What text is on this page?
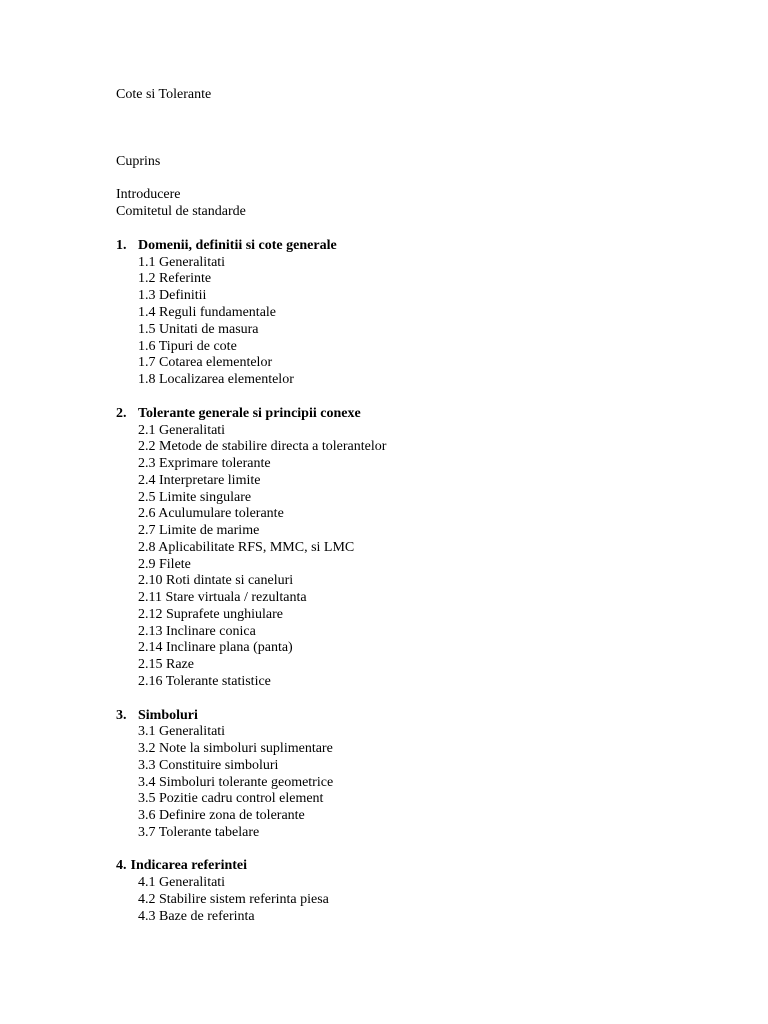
Cote si Tolerante
Cuprins
Introducere
Comitetul de standarde
1. Domenii, definitii si cote generale
1.1 Generalitati
1.2 Referinte
1.3 Definitii
1.4 Reguli fundamentale
1.5 Unitati de masura
1.6 Tipuri de cote
1.7 Cotarea elementelor
1.8 Localizarea elementelor
2. Tolerante generale si principii conexe
2.1 Generalitati
2.2 Metode de stabilire directa a tolerantelor
2.3 Exprimare tolerante
2.4 Interpretare limite
2.5 Limite singulare
2.6 Aculumulare tolerante
2.7 Limite de marime
2.8 Aplicabilitate RFS, MMC, si LMC
2.9 Filete
2.10 Roti dintate si caneluri
2.11 Stare virtuala / rezultanta
2.12 Suprafete unghiulare
2.13 Inclinare conica
2.14 Inclinare plana (panta)
2.15 Raze
2.16 Tolerante statistice
3. Simboluri
3.1 Generalitati
3.2 Note la simboluri suplimentare
3.3 Constituire simboluri
3.4 Simboluri tolerante geometrice
3.5 Pozitie cadru control element
3.6 Definire zona de tolerante
3.7 Tolerante tabelare
4. Indicarea referintei
4.1 Generalitati
4.2 Stabilire sistem referinta piesa
4.3 Baze de referinta
